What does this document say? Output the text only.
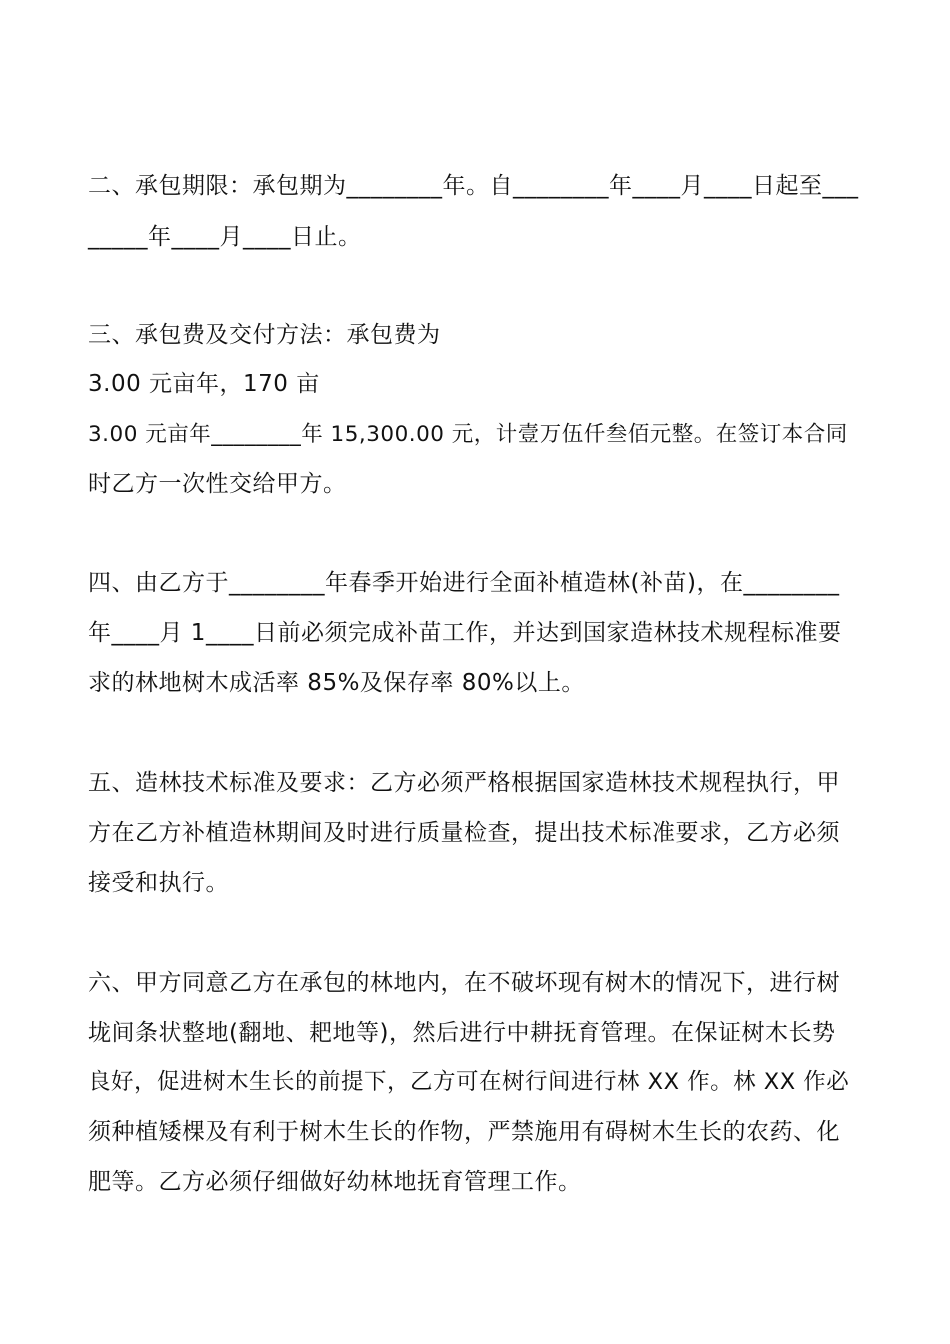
二、承包期限：承包期为________年。自________年____月____日起至___
_____年____月____日止。
三、承包费及交付方法：承包费为
3.00 元亩年，170 亩
3.00 元亩年________年 15,300.00 元，计壹万伍仟叁佰元整。在签订本合同
时乙方一次性交给甲方。
四、由乙方于________年春季开始进行全面补植造林(补苗)，在________
年____月 1____日前必须完成补苗工作，并达到国家造林技术规程标准要
求的林地树木成活率 85%及保存率 80%以上。
五、造林技术标准及要求：乙方必须严格根据国家造林技术规程执行，甲
方在乙方补植造林期间及时进行质量检查，提出技术标准要求，乙方必须
接受和执行。
六、甲方同意乙方在承包的林地内，在不破坏现有树木的情况下，进行树
垅间条状整地(翻地、耙地等)，然后进行中耕抚育管理。在保证树木长势
良好，促进树木生长的前提下，乙方可在树行间进行林 XX 作。林 XX 作必
须种植矮棵及有利于树木生长的作物，严禁施用有碍树木生长的农药、化
肥等。乙方必须仔细做好幼林地抚育管理工作。
